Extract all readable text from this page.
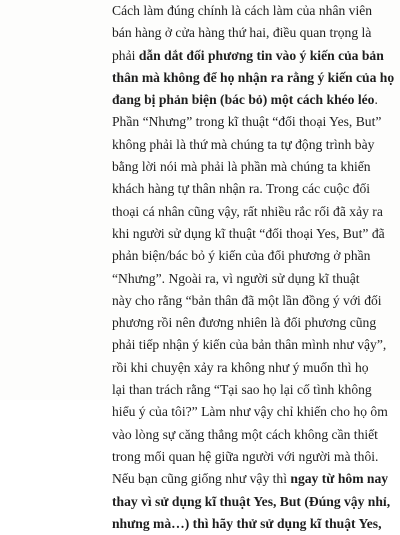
Cách làm đúng chính là cách làm của nhân viên
bán hàng ở cửa hàng thứ hai, điều quan trọng là
phải dẫn dắt đối phương tin vào ý kiến của bản
thân mà không để họ nhận ra rằng ý kiến của họ
đang bị phản biện (bác bỏ) một cách khéo léo.
Phần “Nhưng” trong kĩ thuật “đối thoại Yes, But”
không phải là thứ mà chúng ta tự động trình bày
bằng lời nói mà phải là phần mà chúng ta khiến
khách hàng tự thân nhận ra. Trong các cuộc đối
thoại cá nhân cũng vậy, rất nhiều rắc rối đã xảy ra
khi người sử dụng kĩ thuật “đối thoại Yes, But” đã
phản biện/bác bỏ ý kiến của đối phương ở phần
“Nhưng”. Ngoài ra, vì người sử dụng kĩ thuật
này cho rằng “bản thân đã một lần đồng ý với đối
phương rồi nên đương nhiên là đối phương cũng
phải tiếp nhận ý kiến của bản thân mình như vậy”,
rồi khi chuyện xảy ra không như ý muốn thì họ
lại than trách rằng “Tại sao họ lại cố tình không
hiểu ý của tôi?” Làm như vậy chỉ khiến cho họ ôm
vào lòng sự căng thẳng một cách không cần thiết
trong mối quan hệ giữa người với người mà thôi.
Nếu bạn cũng giống như vậy thì ngay từ hôm nay
thay vì sử dụng kĩ thuật Yes, But (Đúng vậy nhỉ,
nhưng mà…) thì hãy thử sử dụng kĩ thuật Yes,
